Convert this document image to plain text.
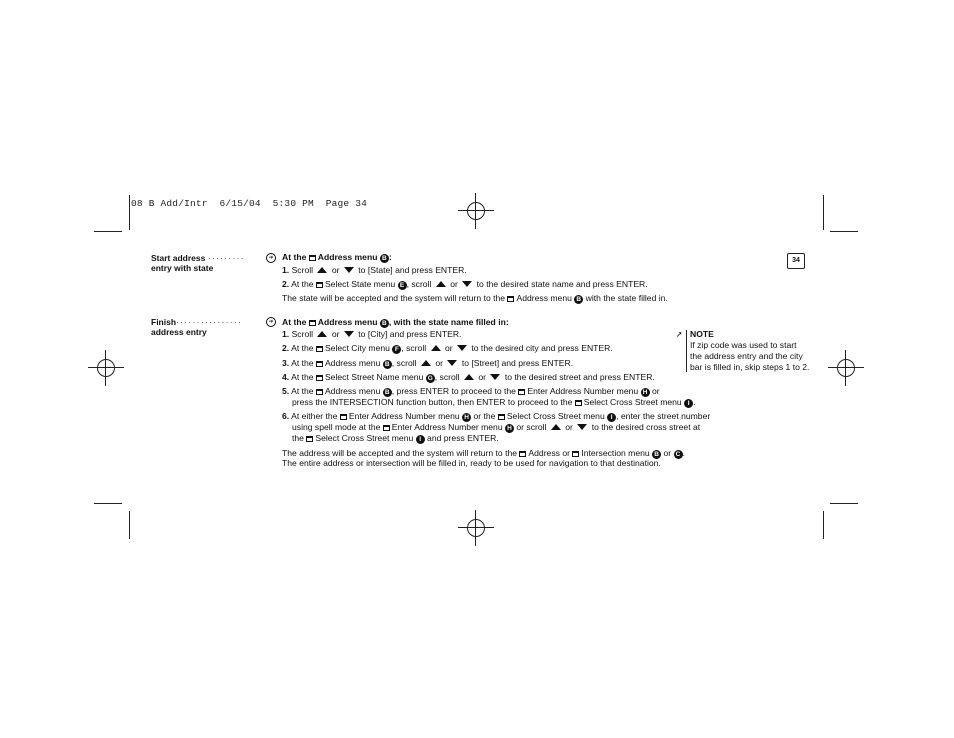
08 B Add/Intr  6/15/04  5:30 PM  Page 34
34
Start address ·········
entry with state
➔	At the Address menu B :
1. Scroll or to [State] and press ENTER.
2. At the Select State menu E , scroll or to the desired state name and press ENTER.
The state will be accepted and the system will return to the Address menu B with the state filled in.
Finish················
address entry
➔	At the Address menu B , with the state name filled in:
1. Scroll or to [City] and press ENTER.
2. At the Select City menu F , scroll or to the desired city and press ENTER.
3. At the Address menu B , scroll or to [Street] and press ENTER.
4. At the Select Street Name menu G , scroll or to the desired street and press ENTER.
5. At the Address menu B , press ENTER to proceed to the Enter Address Number menu H or
press the INTERSECTION function button, then ENTER to proceed to the Select Cross Street menu I .
6. At either the Enter Address Number menu H or the Select Cross Street menu I , enter the street number
using spell mode at the Enter Address Number menu H or scroll or to the desired cross street at
the Select Cross Street menu I and press ENTER.
The address will be accepted and the system will return to the Address or Intersection menu B or C .
The entire address or intersection will be filled in, ready to be used for navigation to that destination.
➚ NOTE
If zip code was used to start
the address entry and the city
bar is filled in, skip steps 1 to 2.
